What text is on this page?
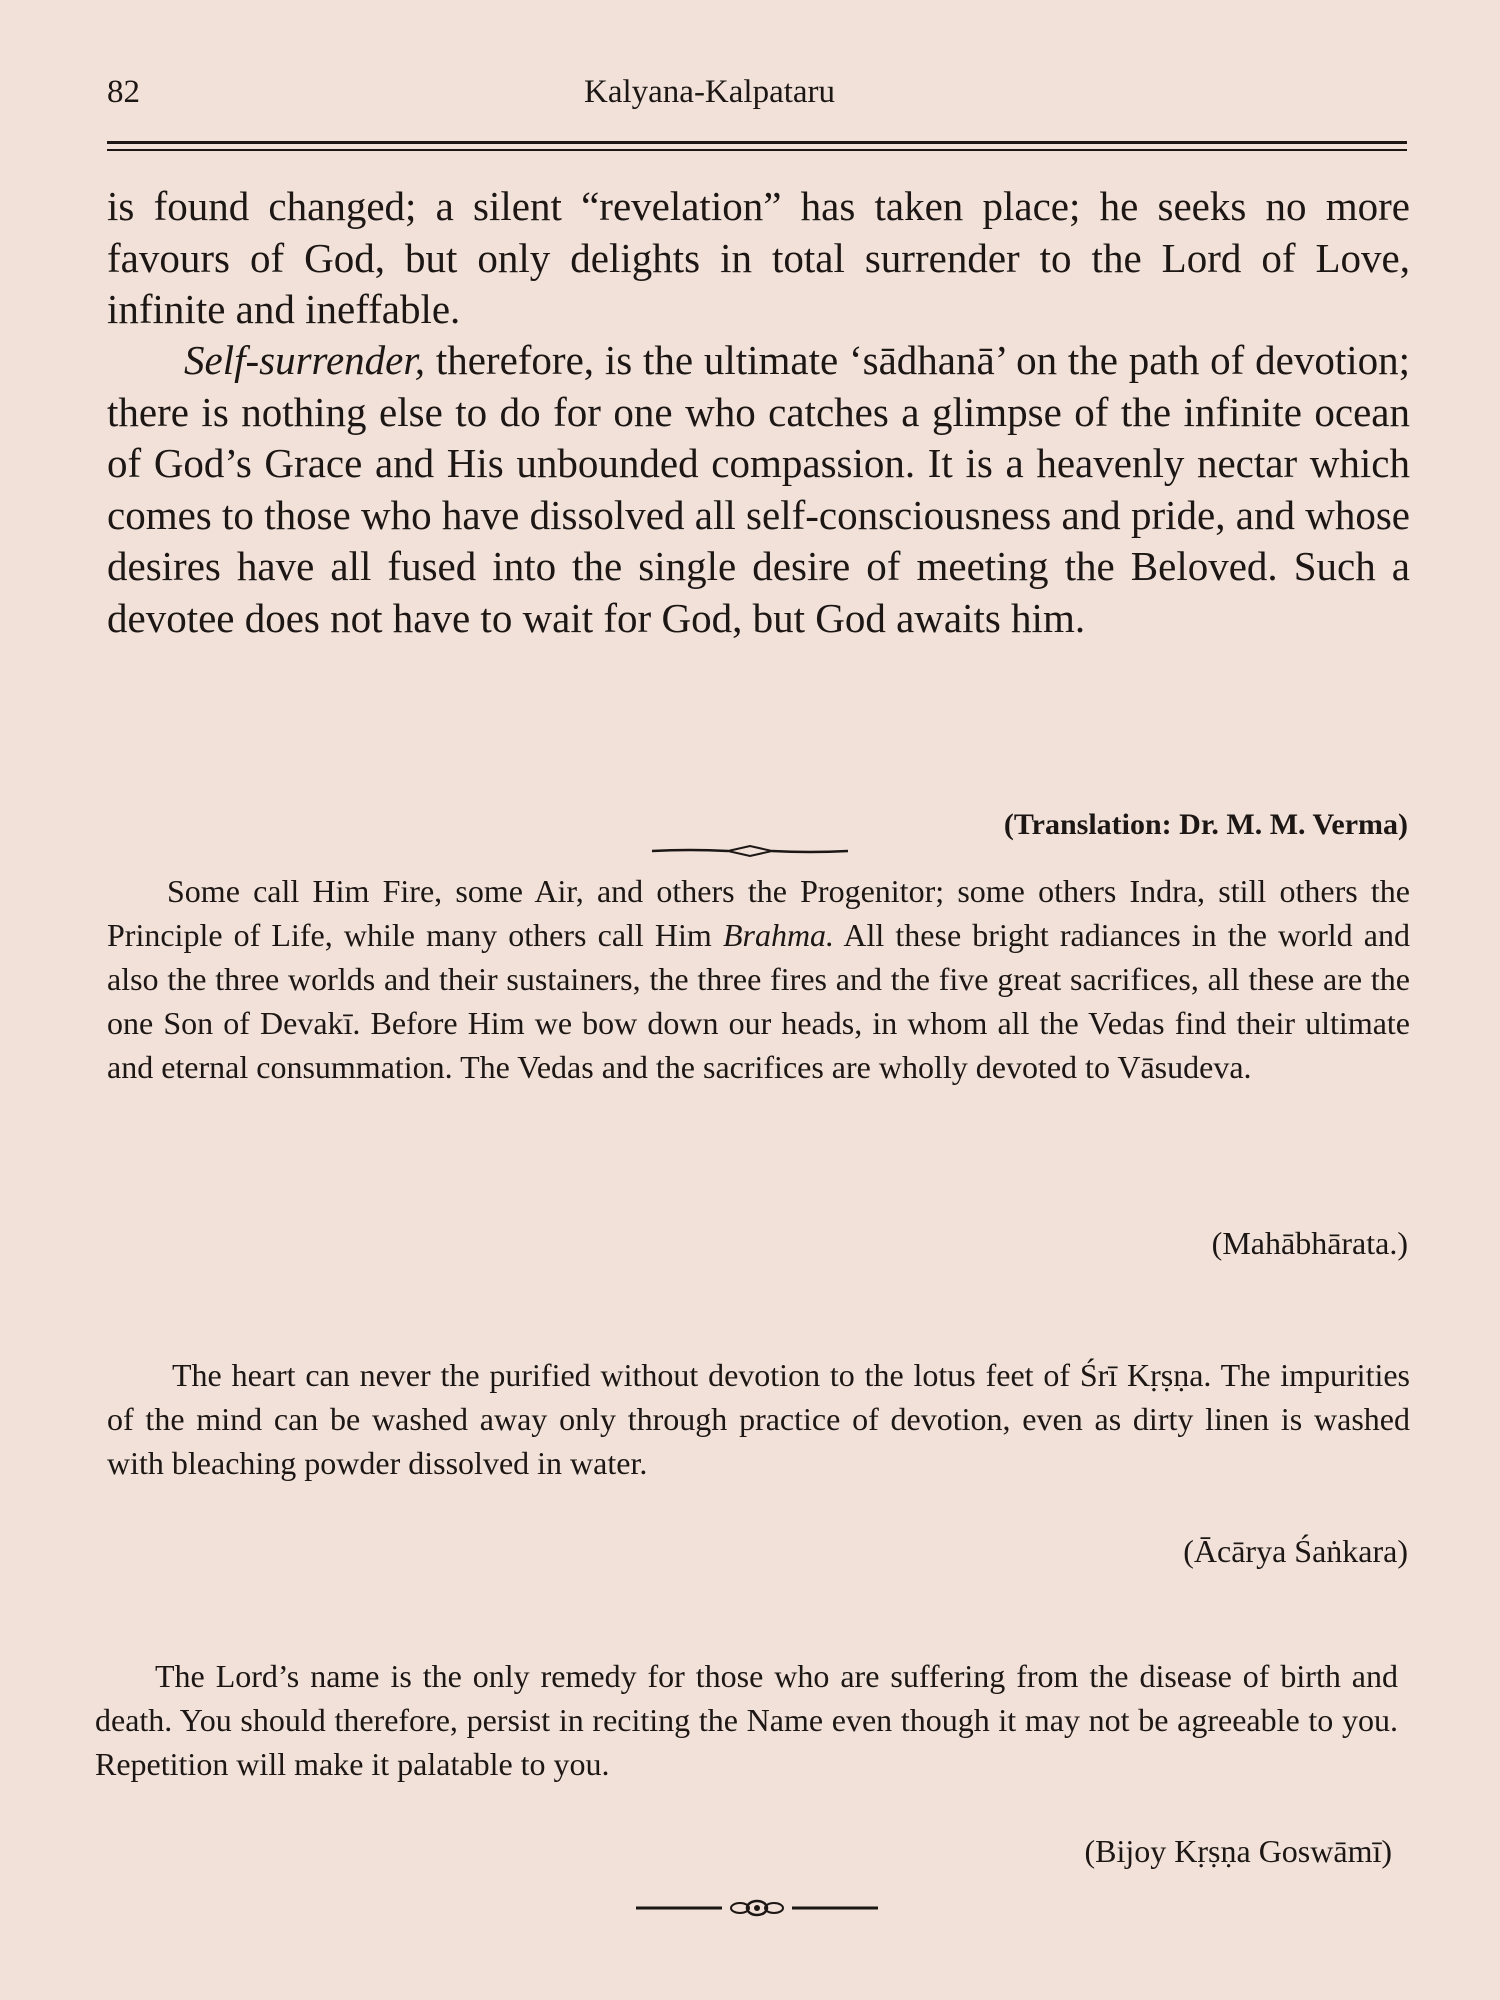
82	Kalyana-Kalpataru

is found changed; a silent “revelation” has taken place; he seeks no more favours of God, but only delights in total surrender to the Lord of Love, infinite and ineffable.

Self-surrender, therefore, is the ultimate ‘sādhanā’ on the path of devotion; there is nothing else to do for one who catches a glimpse of the infinite ocean of God’s Grace and His unbounded compassion. It is a heavenly nectar which comes to those who have dissolved all self-consciousness and pride, and whose desires have all fused into the single desire of meeting the Beloved. Such a devotee does not have to wait for God, but God awaits him.

(Translation: Dr. M. M. Verma)

Some call Him Fire, some Air, and others the Progenitor; some others Indra, still others the Principle of Life, while many others call Him Brahma. All these bright radiances in the world and also the three worlds and their sustainers, the three fires and the five great sacrifices, all these are the one Son of Devakī. Before Him we bow down our heads, in whom all the Vedas find their ultimate and eternal consummation. The Vedas and the sacrifices are wholly devoted to Vāsudeva.

(Mahābhārata.)

The heart can never the purified without devotion to the lotus feet of Śrī Kṛṣṇa. The impurities of the mind can be washed away only through practice of devotion, even as dirty linen is washed with bleaching powder dissolved in water.

(Ācārya Śaṅkara)

The Lord’s name is the only remedy for those who are suffering from the disease of birth and death. You should therefore, persist in reciting the Name even though it may not be agreeable to you. Repetition will make it palatable to you.

(Bijoy Kṛṣṇa Goswāmī)
